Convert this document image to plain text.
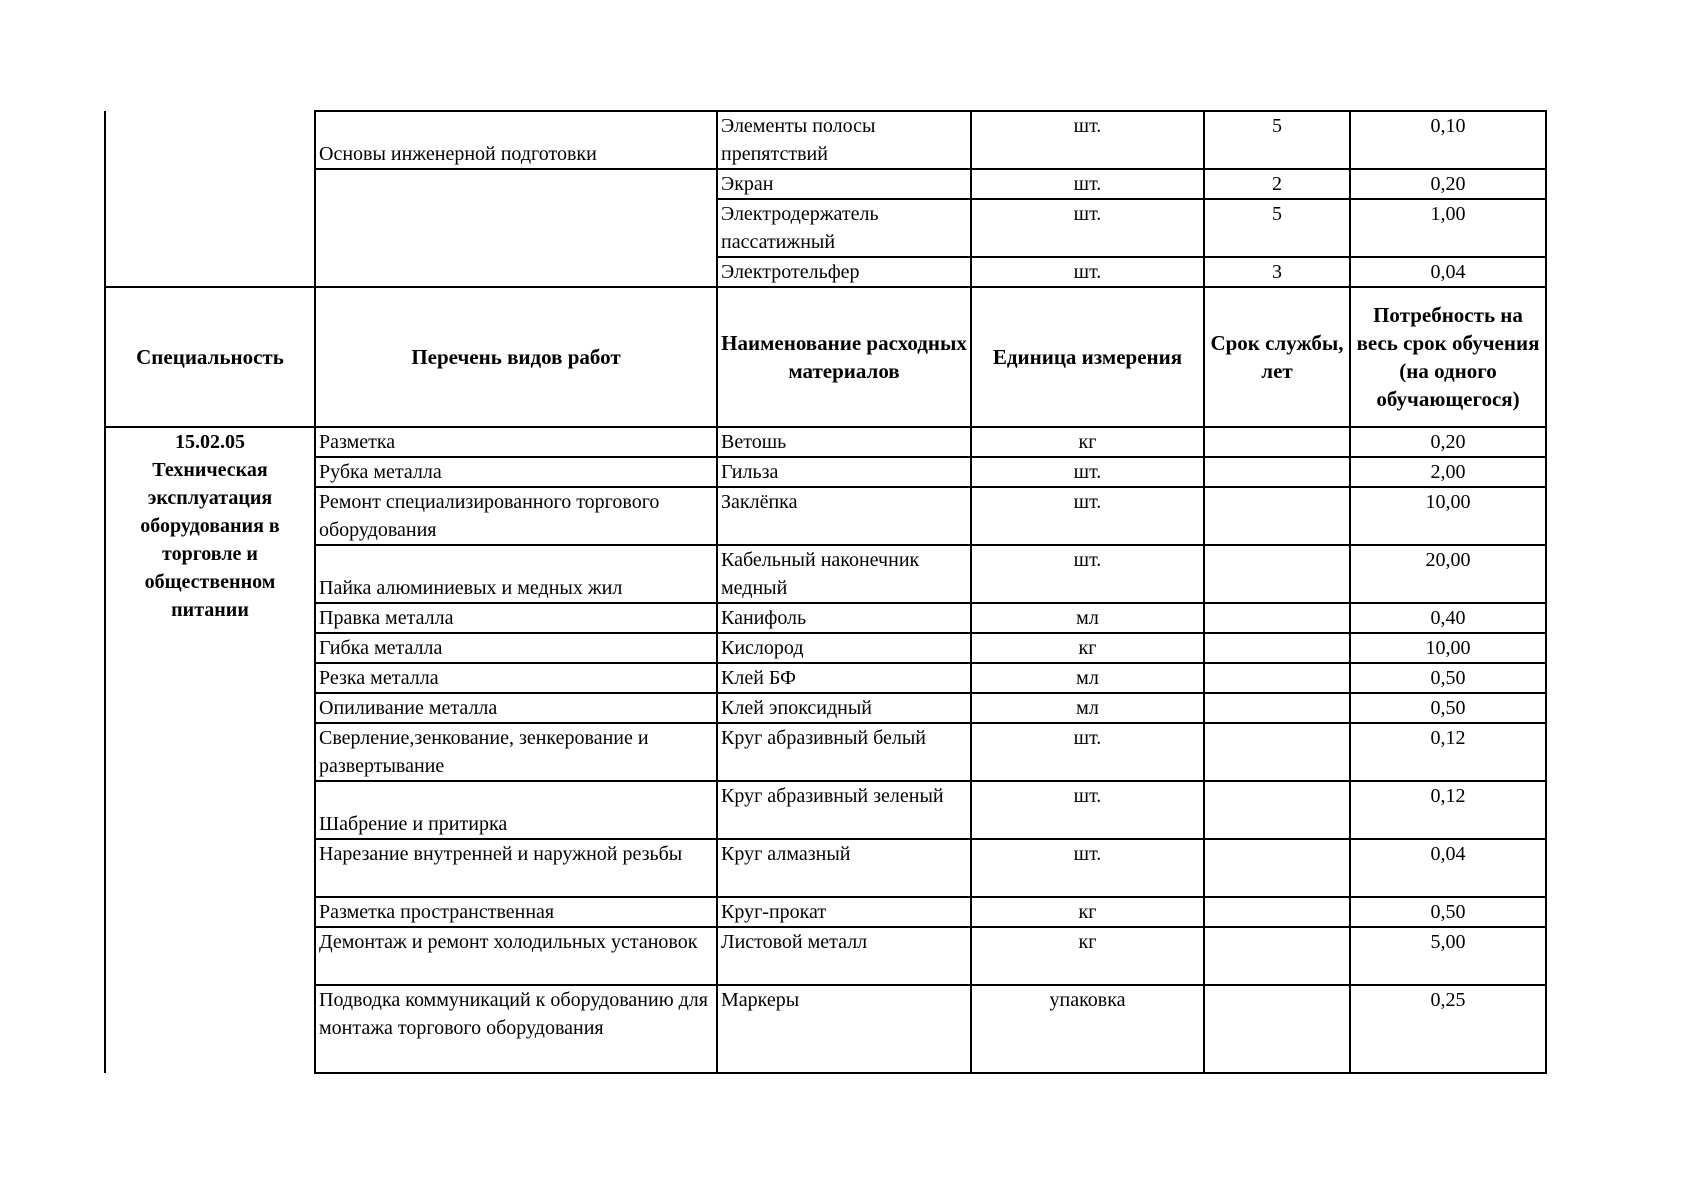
	Основы инженерной подготовки	Элементы полосы препятствий	шт.	5	0,10
		Экран	шт.	2	0,20
		Электродержатель пассатижный	шт.	5	1,00
		Электротельфер	шт.	3	0,04
Специальность	Перечень видов работ	Наименование расходных материалов	Единица измерения	Срок службы, лет	Потребность на весь срок обучения (на одного обучающегося)

15.02.05
Техническая эксплуатация оборудования в торговле и общественном питании	Разметка	Ветошь	кг		0,20
	Рубка металла	Гильза	шт.		2,00
	Ремонт специализированного торгового оборудования	Заклёпка	шт.		10,00
	Пайка алюминиевых и медных жил	Кабельный наконечник медный	шт.		20,00
	Правка металла	Канифоль	мл		0,40
	Гибка металла	Кислород	кг		10,00
	Резка металла	Клей БФ	мл		0,50
	Опиливание металла	Клей эпоксидный	мл		0,50
	Сверление,зенкование, зенкерование и развертывание	Круг абразивный белый	шт.		0,12
	Шабрение и притирка	Круг абразивный зеленый	шт.		0,12
	Нарезание внутренней и наружной резьбы	Круг алмазный	шт.		0,04
	Разметка пространственная	Круг-прокат	кг		0,50
	Демонтаж и ремонт холодильных установок	Листовой металл	кг		5,00
	Подводка коммуникаций к оборудованию для монтажа торгового оборудования	Маркеры	упаковка		0,25
